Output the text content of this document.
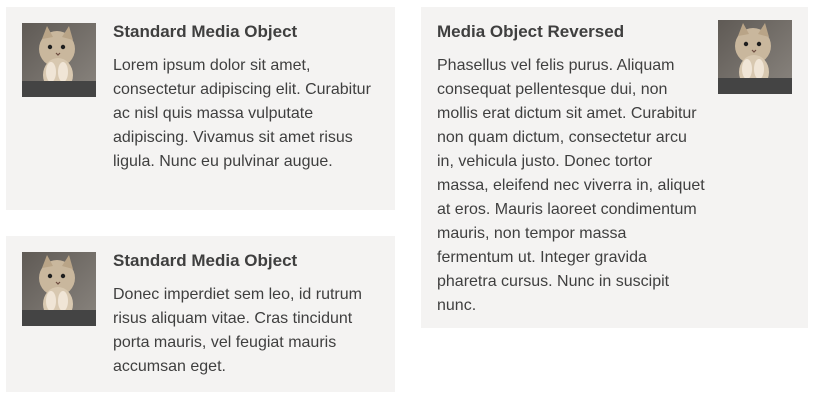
Standard Media Object

Lorem ipsum dolor sit amet, consectetur adipiscing elit. Curabitur ac nisl quis massa vulputate adipiscing. Vivamus sit amet risus ligula. Nunc eu pulvinar augue.

Standard Media Object

Donec imperdiet sem leo, id rutrum risus aliquam vitae. Cras tincidunt porta mauris, vel feugiat mauris accumsan eget.

Media Object Reversed

Phasellus vel felis purus. Aliquam consequat pellentesque dui, non mollis erat dictum sit amet. Curabitur non quam dictum, consectetur arcu in, vehicula justo. Donec tortor massa, eleifend nec viverra in, aliquet at eros. Mauris laoreet condimentum mauris, non tempor massa fermentum ut. Integer gravida pharetra cursus. Nunc in suscipit nunc.
